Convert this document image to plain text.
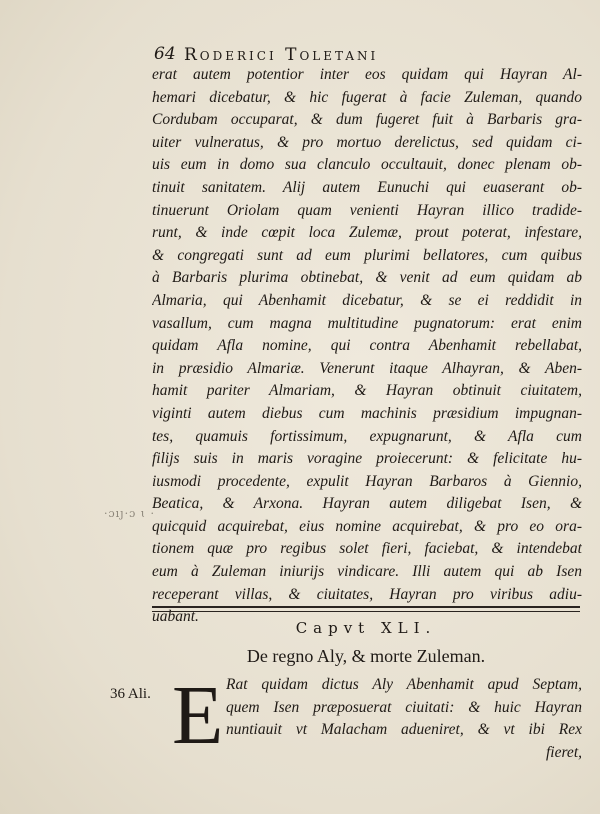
64 Roderici Toletani
erat autem potentior inter eos quidam qui Hayran Al-
hemari dicebatur, & hic fugerat à facie Zuleman, quando
Cordubam occuparat, & dum fugeret fuit à Barbaris gra-
uiter vulneratus, & pro mortuo derelictus, sed quidam ci-
uis eum in domo sua clanculo occultauit, donec plenam ob-
tinuit sanitatem. Alij autem Eunuchi qui euaserant ob-
tinuerunt Oriolam quam venienti Hayran illico tradide-
runt, & inde cœpit loca Zulemæ, prout poterat, infestare,
& congregati sunt ad eum plurimi bellatores, cum quibus
à Barbaris plurima obtinebat, & venit ad eum quidam ab
Almaria, qui Abenhamit dicebatur, & se ei reddidit in
vasallum, cum magna multitudine pugnatorum: erat enim
quidam Afla nomine, qui contra Abenhamit rebellabat,
in præsidio Almariæ. Venerunt itaque Alhayran, & Aben-
hamit pariter Almariam, & Hayran obtinuit ciuitatem,
viginti autem diebus cum machinis præsidium impugnan-
tes, quamuis fortissimum, expugnarunt, & Afla cum
filijs suis in maris voragine proiecerunt: & felicitate hu-
iusmodi procedente, expulit Hayran Barbaros à Giennio,
Beatica, & Arxona. Hayran autem diligebat Isen, &
quicquid acquirebat, eius nomine acquirebat, & pro eo ora-
tionem quæ pro regibus solet fieri, faciebat, & intendebat
eum à Zuleman iniurijs vindicare. Illi autem qui ab Isen
receperant villas, & ciuitates, Hayran pro viribus adiu-
uabant.
·ɔıȷ·ɔ ɩ ·
Capvt XLI.
De regno Aly, & morte Zuleman.
36 Ali. E Rat quidam dictus Aly Abenhamit apud Septam,
quem Isen præposuerat ciuitati: & huic Hayran
nuntiauit vt Malacham adueniret, & vt ibi Rex
fieret,
